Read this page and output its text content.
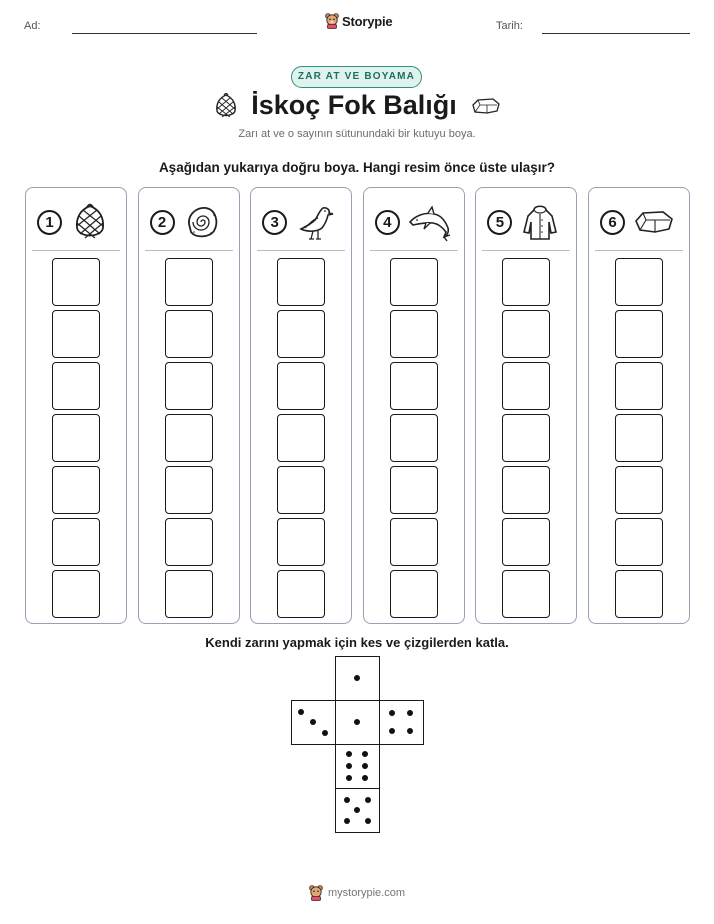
Ad:	Storypie	Tarih:
ZAR AT VE BOYAMA
İskoç Fok Balığı
Zarı at ve o sayının sütunundaki bir kutuyu boya.
Aşağıdan yukarıya doğru boya. Hangi resim önce üste ulaşır?
1	2	3	4	5	6
Kendi zarını yapmak için kes ve çizgilerden katla.
mystorypie.com
